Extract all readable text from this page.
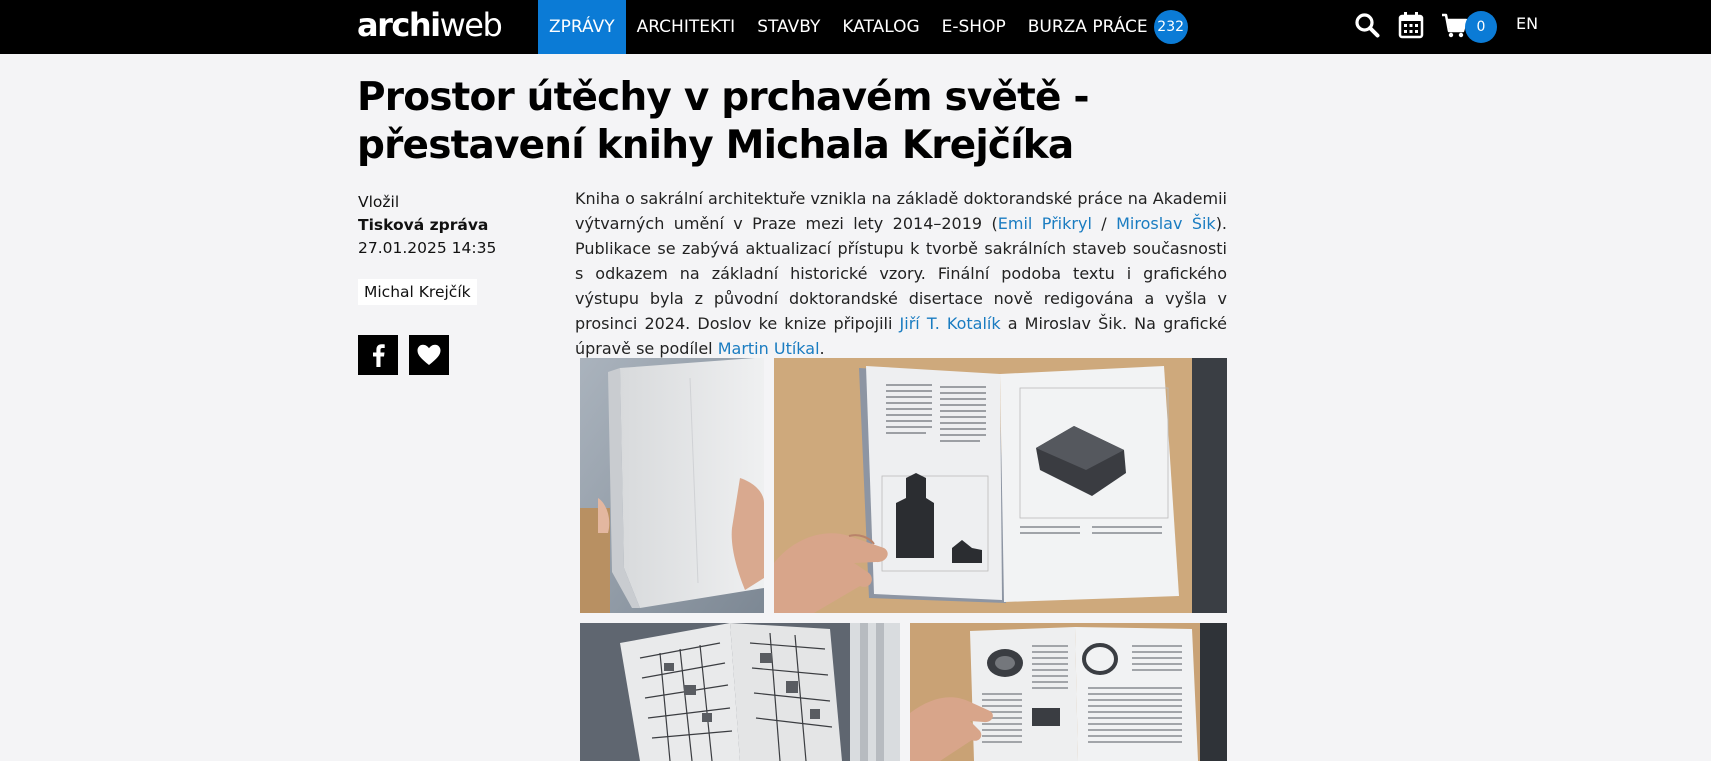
archiweb	ZPRÁVY	ARCHITEKTI	STAVBY	KATALOG	E-SHOP	BURZA PRÁCE 232	0	EN
Prostor útěchy v prchavém světě - přestavení knihy Michala Krejčíka
Vložil
Tisková zpráva
27.01.2025 14:35
Michal Krejčík

Kniha o sakrální architektuře vznikla na základě doktorandské práce na Akademii výtvarných umění v Praze mezi lety 2014–2019 (Emil Přikryl / Miroslav Šik). Publikace se zabývá aktualizací přístupu k tvorbě sakrálních staveb současnosti s odkazem na základní historické vzory. Finální podoba textu i grafického výstupu byla z původní doktorandské disertace nově redigována a vyšla v prosinci 2024. Doslov ke knize připojili Jiří T. Kotalík a Miroslav Šik. Na grafické úpravě se podílel Martin Utíkal.
